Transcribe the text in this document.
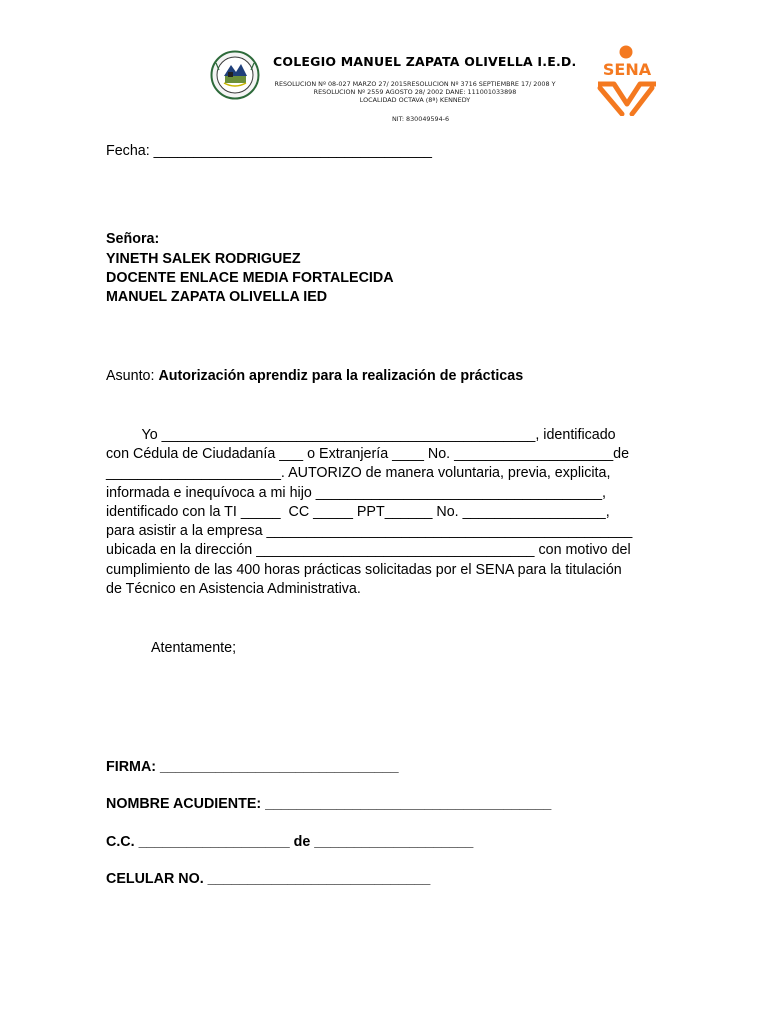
COLEGIO MANUEL ZAPATA OLIVELLA I.E.D.
RESOLUCION Nº 08-027 MARZO 27/ 2015RESOLUCION Nº 3716 SEPTIEMBRE 17/ 2008 Y
RESOLUCION Nº 2559 AGOSTO 28/ 2002 DANE: 111001033898
LOCALIDAD OCTAVA (8ª) KENNEDY
NIT: 830049594-6
SENA
Fecha: ___________________________________
Señora:
YINETH SALEK RODRIGUEZ
DOCENTE ENLACE MEDIA FORTALECIDA
MANUEL ZAPATA OLIVELLA IED
Asunto: Autorización aprendiz para la realización de prácticas
Yo _______________________________________________, identificado
con Cédula de Ciudadanía ___ o Extranjería ____ No. ____________________de
______________________. AUTORIZO de manera voluntaria, previa, explicita,
informada e inequívoca a mi hijo ____________________________________,
identificado con la TI _____  CC _____ PPT______ No. __________________,
para asistir a la empresa ______________________________________________
ubicada en la dirección ___________________________________ con motivo del
cumplimiento de las 400 horas prácticas solicitadas por el SENA para la titulación
de Técnico en Asistencia Administrativa.
Atentamente;
FIRMA: ______________________________
NOMBRE ACUDIENTE: ____________________________________
C.C. ___________________ de ____________________
CELULAR NO. ____________________________
